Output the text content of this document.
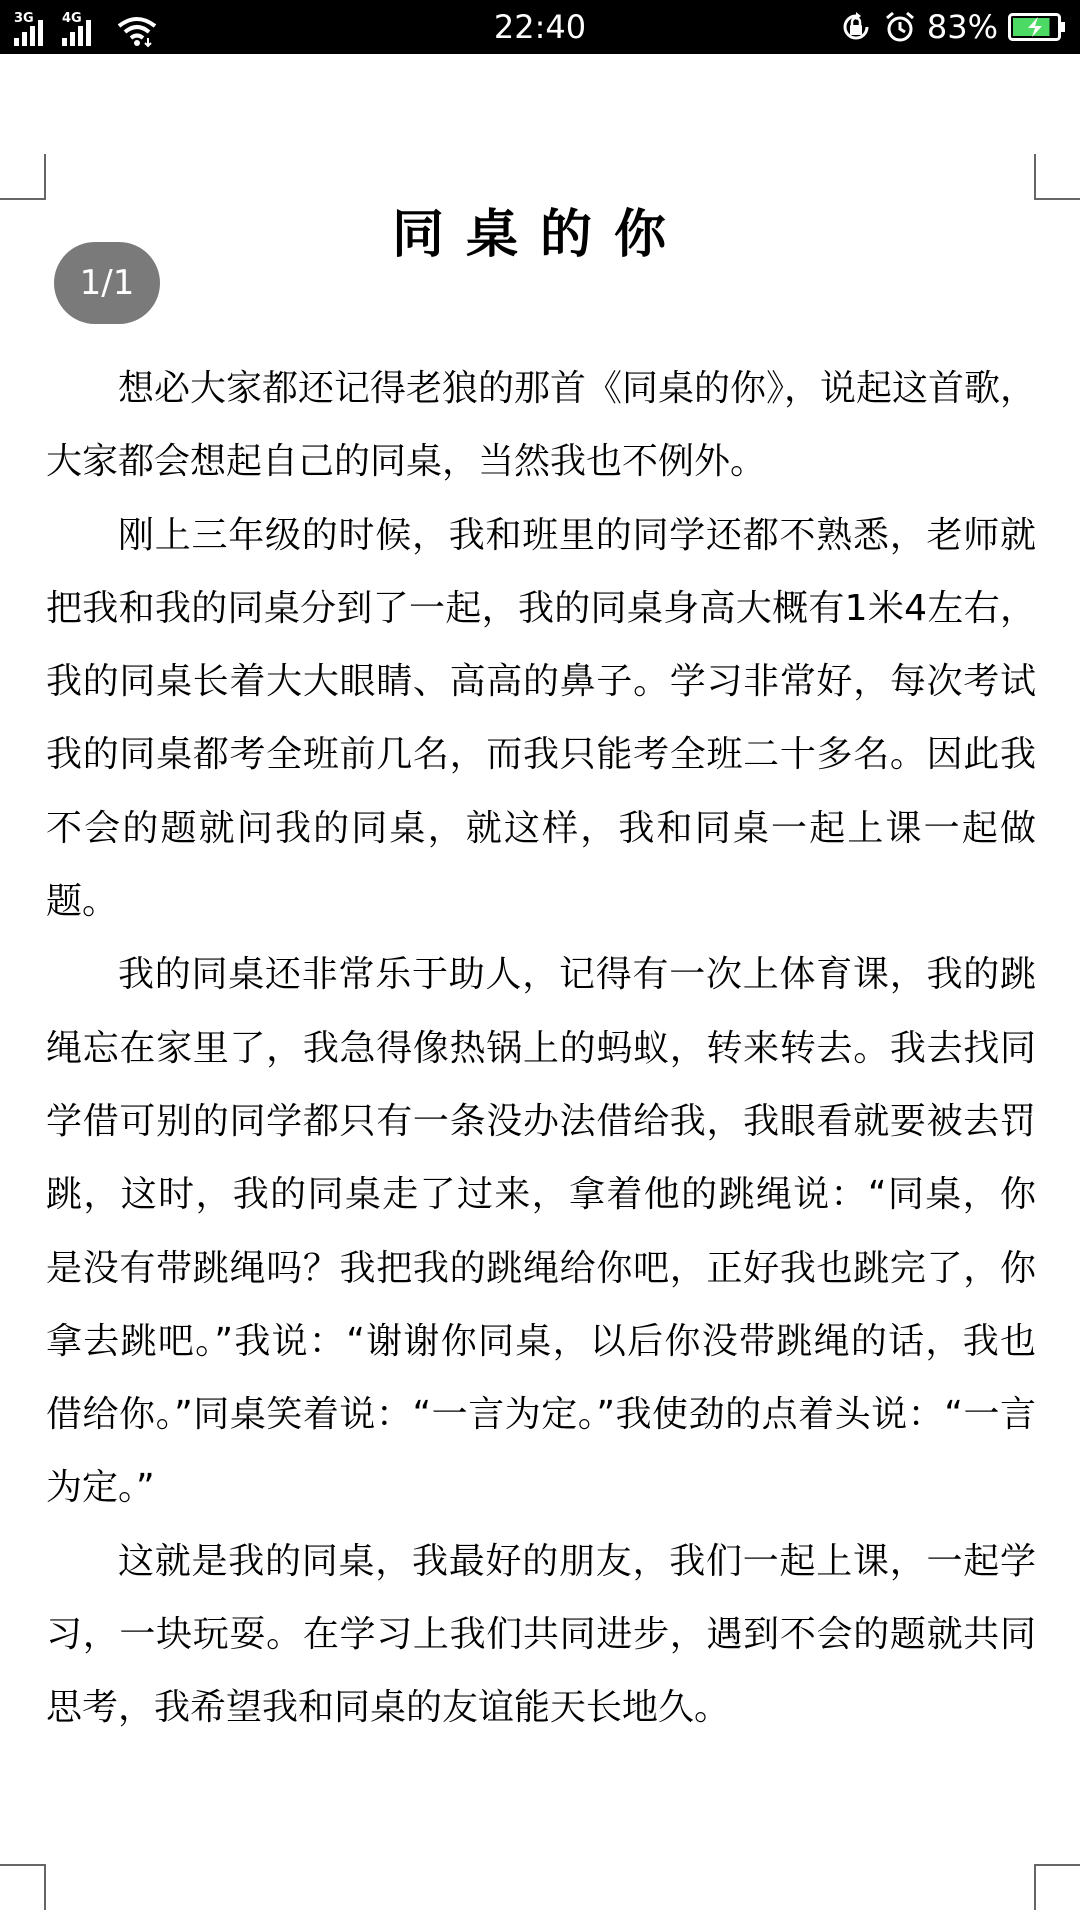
3G 4G	22:40	83%
同桌的你
1/1

想必大家都还记得老狼的那首《同桌的你》，说起这首歌，大家都会想起自己的同桌，当然我也不例外。

刚上三年级的时候，我和班里的同学还都不熟悉，老师就把我和我的同桌分到了一起，我的同桌身高大概有1米4左右，我的同桌长着大大眼睛、高高的鼻子。学习非常好，每次考试我的同桌都考全班前几名，而我只能考全班二十多名。因此我不会的题就问我的同桌，就这样，我和同桌一起上课一起做题。

我的同桌还非常乐于助人，记得有一次上体育课，我的跳绳忘在家里了，我急得像热锅上的蚂蚁，转来转去。我去找同学借可别的同学都只有一条没办法借给我，我眼看就要被去罚跳，这时，我的同桌走了过来，拿着他的跳绳说：“同桌，你是没有带跳绳吗？我把我的跳绳给你吧，正好我也跳完了，你拿去跳吧。”我说：“谢谢你同桌，以后你没带跳绳的话，我也借给你。”同桌笑着说：“一言为定。”我使劲的点着头说：“一言为定。”

这就是我的同桌，我最好的朋友，我们一起上课，一起学习，一块玩耍。在学习上我们共同进步，遇到不会的题就共同思考，我希望我和同桌的友谊能天长地久。
